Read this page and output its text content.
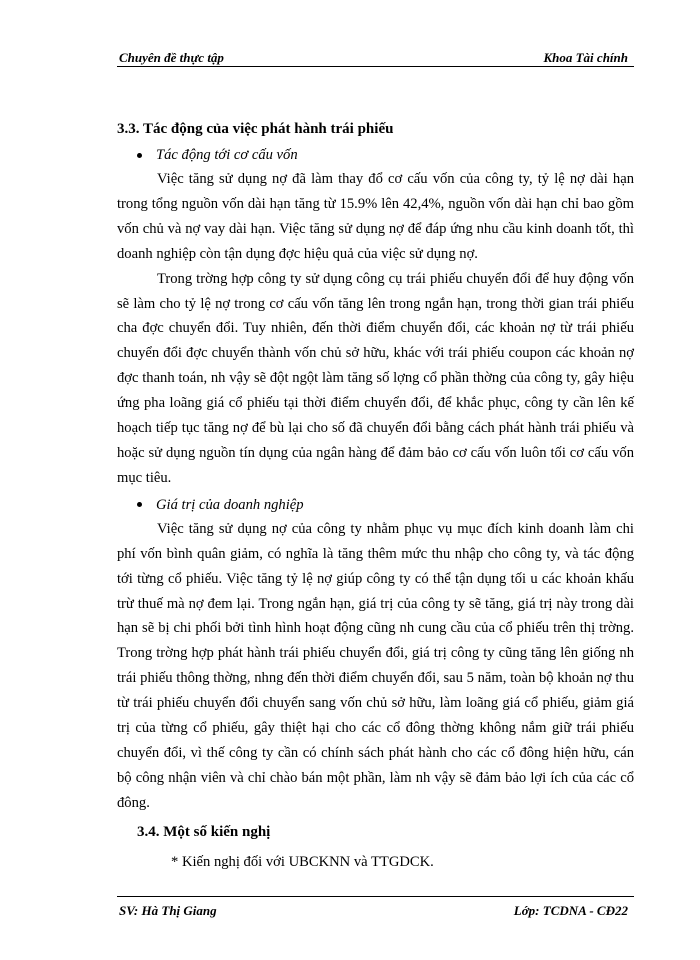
Chuyên đề thực tập	Khoa Tài chính
3.3. Tác động của việc phát hành trái phiếu
Tác động tới cơ cấu vốn

Việc tăng sử dụng nợ đã làm thay đổ cơ cấu vốn của công ty, tỷ lệ nợ dài hạn trong tổng nguồn vốn dài hạn tăng từ 15.9% lên 42,4%, nguồn vốn dài hạn chỉ bao gồm vốn chủ và nợ vay dài hạn. Việc tăng sử dụng nợ để đáp ứng nhu cầu kinh doanh tốt, thì doanh nghiệp còn tận dụng đợc hiệu quả của việc sử dụng nợ.

Trong trờng hợp công ty sử dụng công cụ trái phiếu chuyển đổi để huy động vốn sẽ làm cho tỷ lệ nợ trong cơ cấu vốn tăng lên trong ngắn hạn, trong thời gian trái phiếu cha đợc chuyển đổi. Tuy nhiên, đến thời điểm chuyển đổi, các khoản nợ từ trái phiếu chuyển đổi đợc chuyển thành vốn chủ sở hữu, khác với trái phiếu coupon các khoản nợ đợc thanh toán, nh vậy sẽ đột ngột làm tăng số lợng cổ phần thờng của công ty, gây hiệu ứng pha loãng giá cổ phiếu tại thời điểm chuyển đổi, để khắc phục, công ty cần lên kế hoạch tiếp tục tăng nợ để bù lại cho số đã chuyển đổi bằng cách phát hành trái phiếu và hoặc sử dụng nguồn tín dụng của ngân hàng để đảm bảo cơ cấu vốn luôn tối cơ cấu vốn mục tiêu.

Giá trị của doanh nghiệp

Việc tăng sử dụng nợ của công ty nhằm phục vụ mục đích kinh doanh làm chi phí vốn bình quân giảm, có nghĩa là tăng thêm mức thu nhập cho công ty, và tác động tới từng cổ phiếu. Việc tăng tỷ lệ nợ giúp công ty có thể tận dụng tối u các khoản khấu trừ thuế mà nợ đem lại. Trong ngắn hạn, giá trị của công ty sẽ tăng, giá trị này trong dài hạn sẽ bị chi phối bởi tình hình hoạt động cũng nh cung cầu của cổ phiếu trên thị trờng. Trong trờng hợp phát hành trái phiếu chuyển đổi, giá trị công ty cũng tăng lên giống nh trái phiếu thông thờng, nhng đến thời điểm chuyển đổi, sau 5 năm, toàn bộ khoản nợ thu từ trái phiếu chuyển đổi chuyển sang vốn chủ sở hữu, làm loãng giá cổ phiếu, giảm giá trị của từng cổ phiếu, gây thiệt hại cho các cổ đông thờng không nắm giữ trái phiếu chuyển đổi, vì thế công ty cần có chính sách phát hành cho các cổ đông hiện hữu, cán bộ công nhận viên và chỉ chào bán một phần, làm nh vậy sẽ đảm bảo lợi ích của các cổ đông.

3.4. Một số kiến nghị
* Kiến nghị đối với UBCKNN và TTGDCK.
SV: Hà Thị Giang	Lớp: TCDNA - CĐ22
